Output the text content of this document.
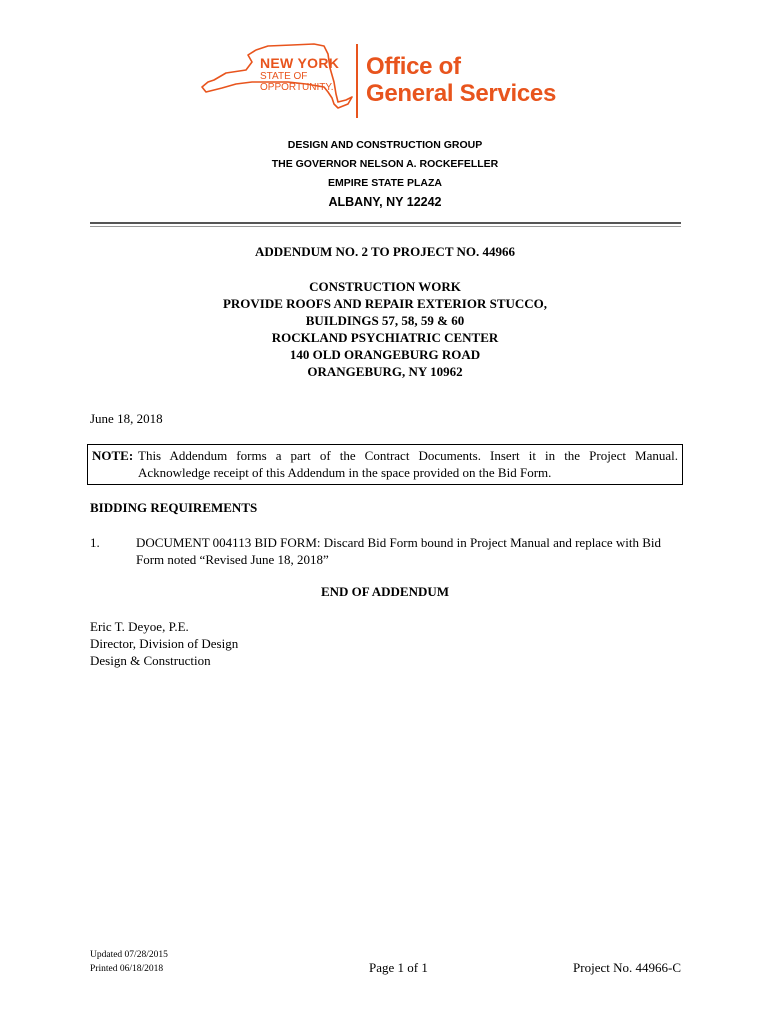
NEW YORK
STATE OF
OPPORTUNITY.
Office of
General Services
DESIGN AND CONSTRUCTION GROUP
THE GOVERNOR NELSON A. ROCKEFELLER
EMPIRE STATE PLAZA
ALBANY, NY 12242
ADDENDUM NO. 2 TO PROJECT NO. 44966
CONSTRUCTION WORK
PROVIDE ROOFS AND REPAIR EXTERIOR STUCCO,
BUILDINGS 57, 58, 59 & 60
ROCKLAND PSYCHIATRIC CENTER
140 OLD ORANGEBURG ROAD
ORANGEBURG, NY 10962
June 18, 2018
NOTE: This Addendum forms a part of the Contract Documents. Insert it in the Project Manual.
Acknowledge receipt of this Addendum in the space provided on the Bid Form.
BIDDING REQUIREMENTS
1.	DOCUMENT 004113 BID FORM: Discard Bid Form bound in Project Manual and replace with Bid Form noted “Revised June 18, 2018”
END OF ADDENDUM
Eric T. Deyoe, P.E.
Director, Division of Design
Design & Construction
Updated 07/28/2015
Printed 06/18/2018	Page 1 of 1	Project No. 44966-C
